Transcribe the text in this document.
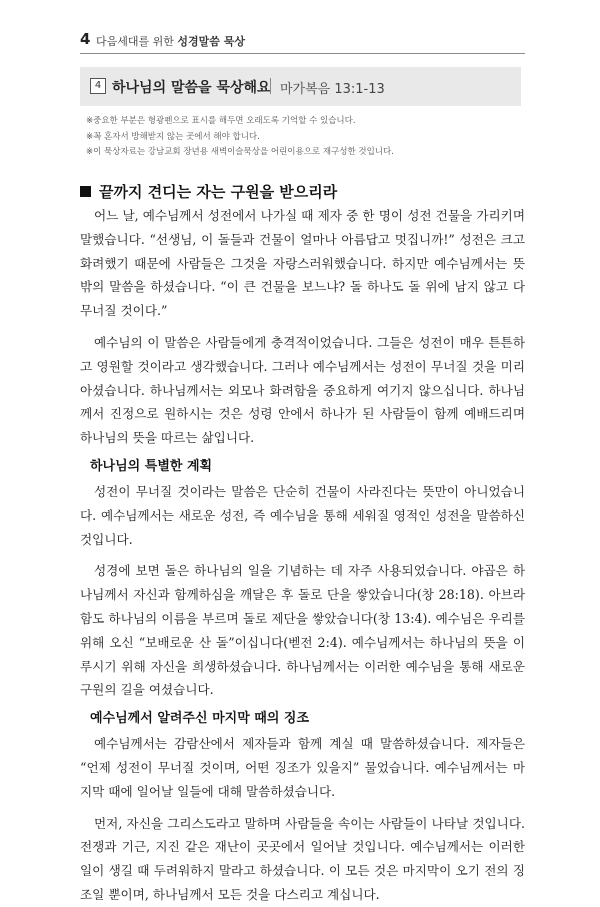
4 다음세대를 위한 성경말씀 묵상
4 하나님의 말씀을 묵상해요 마가복음 13:1-13
※중요한 부분은 형광펜으로 표시를 해두면 오래도록 기억할 수 있습니다.
※꼭 혼자서 방해받지 않는 곳에서 해야 합니다.
※이 묵상자료는 강남교회 장년용 새벽이슬묵상을 어린이용으로 재구성한 것입니다.
끝까지 견디는 자는 구원을 받으리라

어느 날, 예수님께서 성전에서 나가실 때 제자 중 한 명이 성전 건물을 가리키며 말했습니다. “선생님, 이 돌들과 건물이 얼마나 아름답고 멋집니까!” 성전은 크고 화려했기 때문에 사람들은 그것을 자랑스러워했습니다. 하지만 예수님께서는 뜻밖의 말씀을 하셨습니다. “이 큰 건물을 보느냐? 돌 하나도 돌 위에 남지 않고 다 무너질 것이다.”

예수님의 이 말씀은 사람들에게 충격적이었습니다. 그들은 성전이 매우 튼튼하고 영원할 것이라고 생각했습니다. 그러나 예수님께서는 성전이 무너질 것을 미리 아셨습니다. 하나님께서는 외모나 화려함을 중요하게 여기지 않으십니다. 하나님께서 진정으로 원하시는 것은 성령 안에서 하나가 된 사람들이 함께 예배드리며 하나님의 뜻을 따르는 삶입니다.

하나님의 특별한 계획

성전이 무너질 것이라는 말씀은 단순히 건물이 사라진다는 뜻만이 아니었습니다. 예수님께서는 새로운 성전, 즉 예수님을 통해 세워질 영적인 성전을 말씀하신 것입니다.

성경에 보면 돌은 하나님의 일을 기념하는 데 자주 사용되었습니다. 야곱은 하나님께서 자신과 함께하심을 깨달은 후 돌로 단을 쌓았습니다(창 28:18). 아브라함도 하나님의 이름을 부르며 돌로 제단을 쌓았습니다(창 13:4). 예수님은 우리를 위해 오신 “보배로운 산 돌”이십니다(벧전 2:4). 예수님께서는 하나님의 뜻을 이루시기 위해 자신을 희생하셨습니다. 하나님께서는 이러한 예수님을 통해 새로운 구원의 길을 여셨습니다.

예수님께서 알려주신 마지막 때의 징조

예수님께서는 감람산에서 제자들과 함께 계실 때 말씀하셨습니다. 제자들은 “언제 성전이 무너질 것이며, 어떤 징조가 있을지” 물었습니다. 예수님께서는 마지막 때에 일어날 일들에 대해 말씀하셨습니다.

먼저, 자신을 그리스도라고 말하며 사람들을 속이는 사람들이 나타날 것입니다. 전쟁과 기근, 지진 같은 재난이 곳곳에서 일어날 것입니다. 예수님께서는 이러한 일이 생길 때 두려워하지 말라고 하셨습니다. 이 모든 것은 마지막이 오기 전의 징조일 뿐이며, 하나님께서 모든 것을 다스리고 계십니다.
